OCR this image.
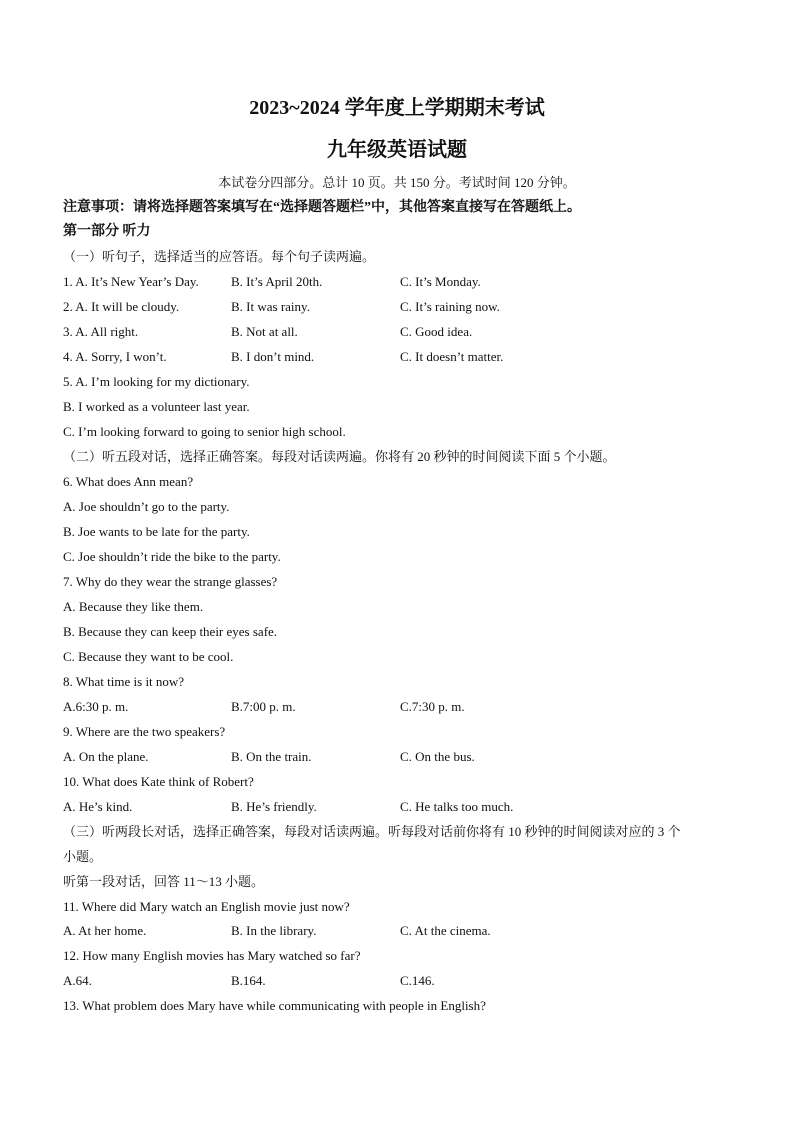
2023~2024 学年度上学期期末考试
九年级英语试题
本试卷分四部分。总计 10 页。共 150 分。考试时间 120 分钟。
注意事项：请将选择题答案填写在“选择题答题栏”中，其他答案直接写在答题纸上。
第一部分 听力
（一）听句子，选择适当的应答语。每个句子读两遍。
1. A. It’s New Year’s Day. B. It’s April 20th.	C. It’s Monday.
2. A. It will be cloudy.	B. It was rainy.	C. It’s raining now.
3. A. All right.	B. Not at all.	C. Good idea.
4. A. Sorry, I won’t.	B. I don’t mind.	C. It doesn’t matter.
5. A. I’m looking for my dictionary.
B. I worked as a volunteer last year.
C. I’m looking forward to going to senior high school.
（二）听五段对话，选择正确答案。每段对话读两遍。你将有 20 秒钟的时间阅读下面 5 个小题。
6. What does Ann mean?
A. Joe shouldn’t go to the party.
B. Joe wants to be late for the party.
C. Joe shouldn’t ride the bike to the party.
7. Why do they wear the strange glasses?
A. Because they like them.
B. Because they can keep their eyes safe.
C. Because they want to be cool.
8. What time is it now?
A.6:30 p. m.	B.7:00 p. m.	C.7:30 p. m.
9. Where are the two speakers?
A. On the plane.	B. On the train.	C. On the bus.
10. What does Kate think of Robert?
A. He’s kind.	B. He’s friendly.	C. He talks too much.
（三）听两段长对话，选择正确答案，每段对话读两遍。听每段对话前你将有 10 秒钟的时间阅读对应的 3 个
小题。
听第一段对话，回答 11～13 小题。
11. Where did Mary watch an English movie just now?
A. At her home.	B. In the library.	C. At the cinema.
12. How many English movies has Mary watched so far?
A.64.	B.164.	C.146.
13. What problem does Mary have while communicating with people in English?
